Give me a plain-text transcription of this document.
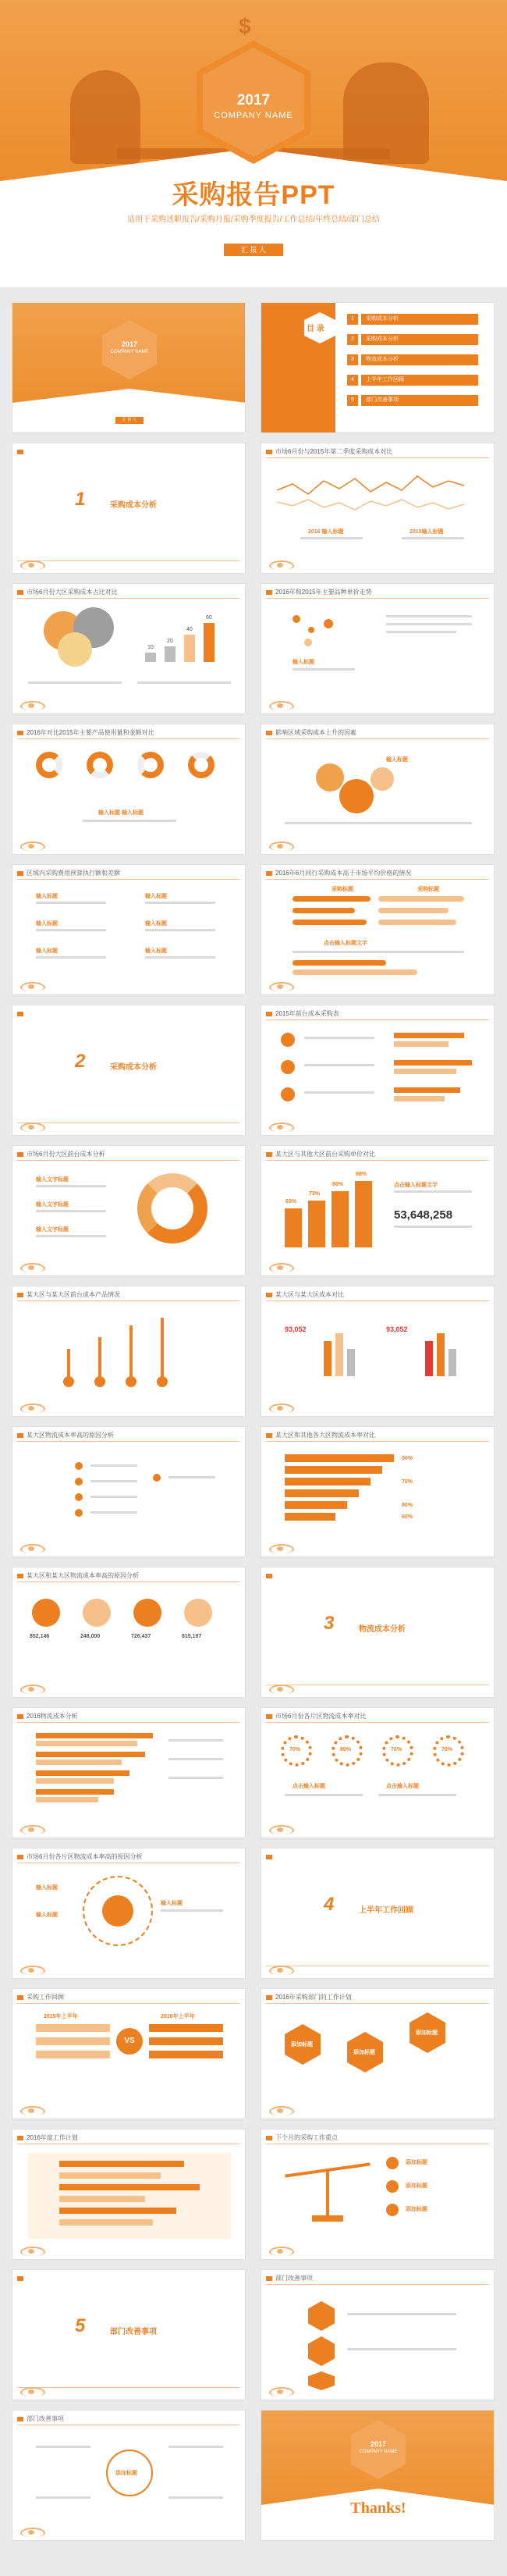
$
2017
COMPANY NAME
采购报告PPT
适用于采购述职报告/采购月报/采购季度报告/工作总结/年终总结/部门总结
汇 报 人
2017
COMPANY NAME
采购报告PPT
汇 报 人
目 录
1	采购成本分析
2	采购成本分析
3	物流成本分析
4	上半年工作回顾
5	部门改善事项
1	采购成本分析
市场6月份与2015年第二季度采购成本对比
2016 输入标题	2015输入标题
市场6月份大区采购成本占比对比
10
20
40
60
2016年和2015年主要品种单价走势
输入标题
2016年对比2015年主要产品使用量和金额对比
输入标题 输入标题
影响区域采购成本上升的因素
输入标题
区域内采购费用预算执行额和差额
输入标题
输入标题
输入标题
输入标题
输入标题
输入标题
2016年6月同行采购成本高于市场平均价格的情况
采购标题	采购标题
点击输入标题文字
2	采购成本分析
2015年前台成本采购表
市场6月份大区前台成本分析
输入文字标题
输入文字标题
输入文字标题
某大区与其他大区前台采购单价对比
63%
73%
80%
88%
点击输入标题文字
53,648,258
某大区与某大区前台成本产品情况	某大区与某大区成本对比
93,052	93,052
某大区物流成本率高的原因分析	某大区和其他各大区物流成本率对比
90%
70%
80%
60%
某大区和某大区物流成本率高的原因分析
852,146	248,000	726,437	815,197
3	物流成本分析
2016物流成本分析	市场6月份各片区物流成本率对比
70%	60%	70%	70%
点击输入标题	点击输入标题
市场6月份各片区物流成本率高的原因分析
输入标题
输入标题
输入标题	4	上半年工作回顾
采购工作回顾
2015年上半年	2016年上半年
VS
2016年采购部门的工作计划
添加标题
添加标题
添加标题
2016年度工作计划	下个月的采购工作重点
添加标题
添加标题
添加标题
5	部门改善事项
部门改善事项
部门改善事项
添加标题
2017
COMPANY NAME
Thanks!
